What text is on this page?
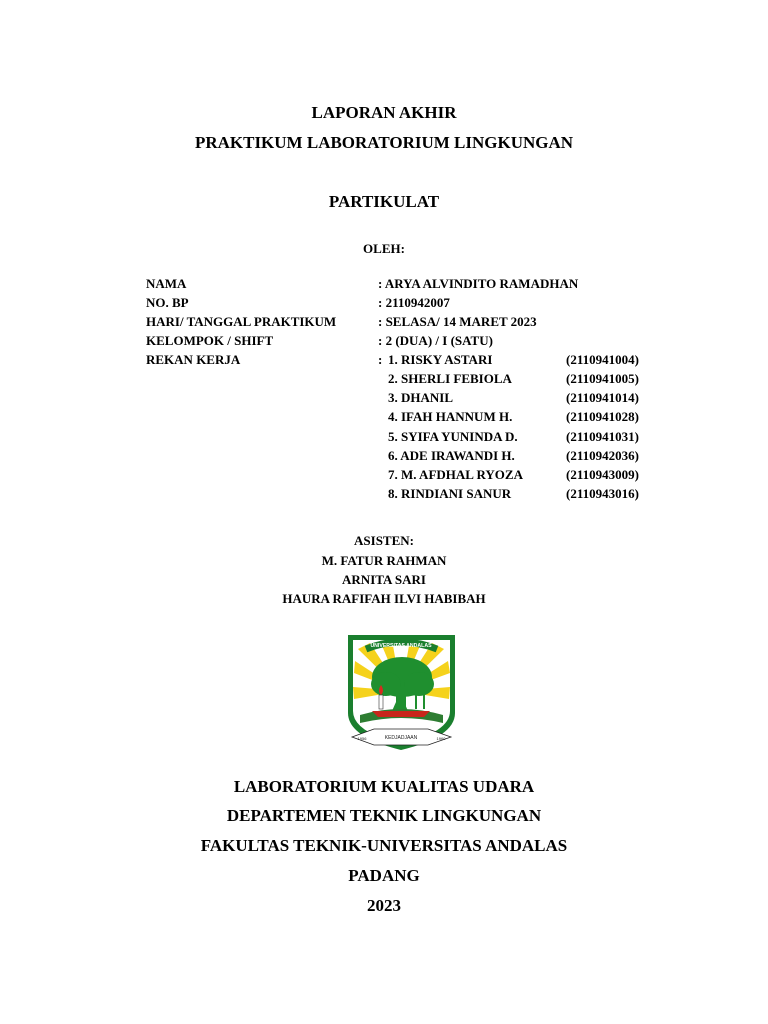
LAPORAN AKHIR
PRAKTIKUM LABORATORIUM LINGKUNGAN
PARTIKULAT
OLEH:
NAMA	: ARYA ALVINDITO RAMADHAN
NO. BP	: 2110942007
HARI/ TANGGAL PRAKTIKUM	: SELASA/ 14 MARET 2023
KELOMPOK / SHIFT	: 2 (DUA) / I (SATU)
REKAN KERJA	: 1. RISKY ASTARI	(2110941004)
2. SHERLI FEBIOLA	(2110941005)
3. DHANIL	(2110941014)
4. IFAH HANNUM H.	(2110941028)
5. SYIFA YUNINDA D.	(2110941031)
6. ADE IRAWANDI H.	(2110942036)
7. M. AFDHAL RYOZA	(2110943009)
8. RINDIANI SANUR	(2110943016)
ASISTEN:
M. FATUR RAHMAN
ARNITA SARI
HAURA RAFIFAH ILVI HABIBAH
UNIVERSITAS ANDALAS
KEDJADJAAN
1956	1960
LABORATORIUM KUALITAS UDARA
DEPARTEMEN TEKNIK LINGKUNGAN
FAKULTAS TEKNIK-UNIVERSITAS ANDALAS
PADANG
2023
